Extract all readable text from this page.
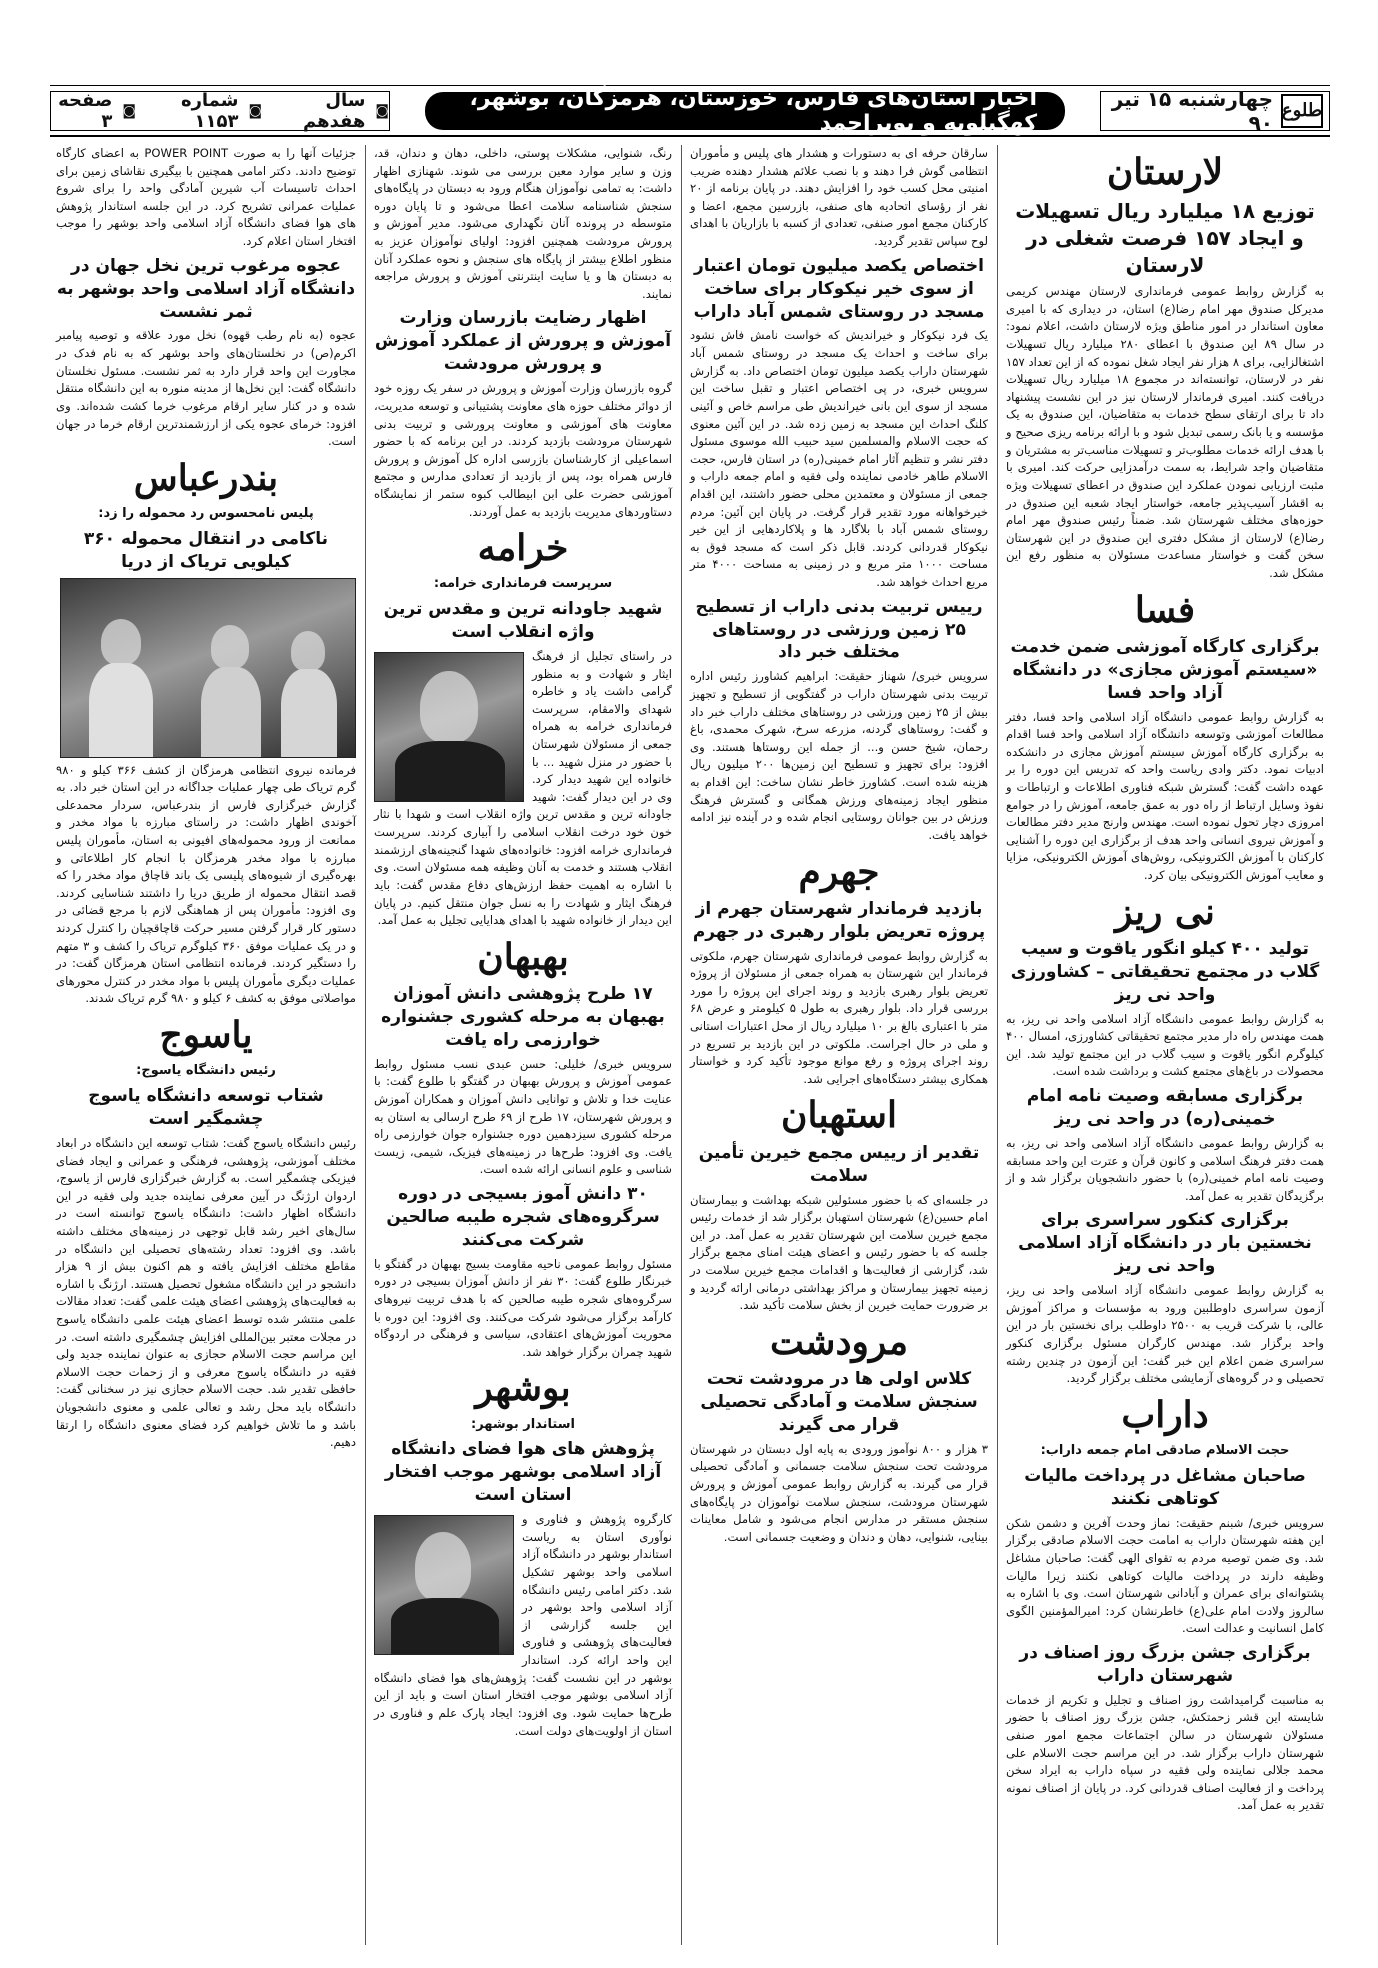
طلوع
چهارشنبه ۱۵ تیر ۹۰
اخبار استان‌های فارس، خوزستان، هرمزگان، بوشهر، کهگیلویه و بویراحمد
◙
سال هفدهم
◙
شماره ۱۱۵۳
◙
صفحه ۳
لارستان
توزیع ۱۸ میلیارد ریال تسهیلات و ایجاد ۱۵۷ فرصت شغلی در لارستان

به گزارش روابط عمومی فرمانداری لارستان مهندس کریمی مدیرکل صندوق مهر امام رضا(ع) استان، در دیداری که با امیری معاون استاندار در امور مناطق ویژه لارستان داشت، اعلام نمود: در سال ۸۹ این صندوق با اعطای ۲۸۰ میلیارد ریال تسهیلات اشتغالزایی، برای ۸ هزار نفر ایجاد شغل نموده که از این تعداد ۱۵۷ نفر در لارستان، توانسته‌اند در مجموع ۱۸ میلیارد ریال تسهیلات دریافت کنند. امیری فرماندار لارستان نیز در این نشست پیشنهاد داد تا برای ارتقای سطح خدمات به متقاضیان، این صندوق به یک مؤسسه و یا بانک رسمی تبدیل شود و با ارائه برنامه ریزی صحیح و با هدف ارائه خدمات مطلوب‌تر و تسهیلات مناسب‌تر به مشتریان و متقاضیان واجد شرایط، به سمت درآمدزایی حرکت کند. امیری با مثبت ارزیابی نمودن عملکرد این صندوق در اعطای تسهیلات ویژه به اقشار آسیب‌پذیر جامعه، خواستار ایجاد شعبه این صندوق در حوزه‌های مختلف شهرستان شد. ضمناً رئیس صندوق مهر امام رضا(ع) لارستان از مشکل دفتری این صندوق در این شهرستان سخن گفت و خواستار مساعدت مسئولان به منظور رفع این مشکل شد.

فسا
برگزاری کارگاه آموزشی ضمن خدمت «سیستم آموزش مجازی» در دانشگاه آزاد واحد فسا

به گزارش روابط عمومی دانشگاه آزاد اسلامی واحد فسا، دفتر مطالعات آموزشی وتوسعه دانشگاه آزاد اسلامی واحد فسا اقدام به برگزاری کارگاه آموزش سیستم آموزش مجازی در دانشکده ادبیات نمود. دکتر وادی ریاست واحد که تدریس این دوره را بر عهده داشت گفت: گسترش شبکه فناوری اطلاعات و ارتباطات و نفوذ وسایل ارتباط از راه دور به عمق جامعه، آموزش را در جوامع امروزی دچار تحول نموده است. مهندس وارنج مدیر دفتر مطالعات و آموزش نیروی انسانی واحد هدف از برگزاری این دوره را آشنایی کارکنان با آموزش الکترونیکی، روش‌های آموزش الکترونیکی، مزایا و معایب آموزش الکترونیکی بیان کرد.

نی ریز
تولید ۴۰۰ کیلو انگور یاقوت و سیب گلاب در مجتمع تحقیقاتی – کشاورزی واحد نی ریز

به گزارش روابط عمومی دانشگاه آزاد اسلامی واحد نی ریز، به همت مهندس راه دار مدیر مجتمع تحقیقاتی کشاورزی، امسال ۴۰۰ کیلوگرم انگور یاقوت و سیب گلاب در این مجتمع تولید شد. این محصولات در باغ‌های مجتمع کشت و برداشت شده است.

برگزاری مسابقه وصیت نامه امام خمینی(ره) در واحد نی ریز

به گزارش روابط عمومی دانشگاه آزاد اسلامی واحد نی ریز، به همت دفتر فرهنگ اسلامی و کانون قرآن و عترت این واحد مسابقه وصیت نامه امام خمینی(ره) با حضور دانشجویان برگزار شد و از برگزیدگان تقدیر به عمل آمد.

برگزاری کنکور سراسری برای نخستین بار در دانشگاه آزاد اسلامی واحد نی ریز

به گزارش روابط عمومی دانشگاه آزاد اسلامی واحد نی ریز، آزمون سراسری داوطلبین ورود به مؤسسات و مراکز آموزش عالی، با شرکت قریب به ۲۵۰۰ داوطلب برای نخستین بار در این واحد برگزار شد. مهندس کارگران مسئول برگزاری کنکور سراسری ضمن اعلام این خبر گفت: این آزمون در چندین رشته تحصیلی و در گروه‌های آزمایشی مختلف برگزار گردید.

داراب
حجت الاسلام صادقی امام جمعه داراب:
صاحبان مشاغل در پرداخت مالیات کوتاهی نکنند

سرویس خبری/ شبنم حقیقت: نماز وحدت آفرین و دشمن شکن این هفته شهرستان داراب به امامت حجت الاسلام صادقی برگزار شد. وی ضمن توصیه مردم به تقوای الهی گفت: صاحبان مشاغل وظیفه دارند در پرداخت مالیات کوتاهی نکنند زیرا مالیات پشتوانه‌ای برای عمران و آبادانی شهرستان است. وی با اشاره به سالروز ولادت امام علی(ع) خاطرنشان کرد: امیرالمؤمنین الگوی کامل انسانیت و عدالت است.

برگزاری جشن بزرگ روز اصناف در شهرستان داراب

به مناسبت گرامیداشت روز اصناف و تجلیل و تکریم از خدمات شایسته این قشر زحمتکش، جشن بزرگ روز اصناف با حضور مسئولان شهرستان در سالن اجتماعات مجمع امور صنفی شهرستان داراب برگزار شد. در این مراسم حجت الاسلام علی محمد جلالی نماینده ولی فقیه در سپاه داراب به ایراد سخن پرداخت و از فعالیت اصناف قدردانی کرد. در پایان از اصناف نمونه تقدیر به عمل آمد.

سارقان حرفه ای به دستورات و هشدار های پلیس و مأموران انتظامی گوش فرا دهند و با نصب علائم هشدار دهنده ضریب امنیتی محل کسب خود را افزایش دهند. در پایان برنامه از ۲۰ نفر از رؤسای اتحادیه های صنفی، بازرسین مجمع، اعضا و کارکنان مجمع امور صنفی، تعدادی از کسبه با بازاریان با اهدای لوح سپاس تقدیر گردید.

اختصاص یکصد میلیون تومان اعتبار از سوی خیر نیکوکار برای ساخت مسجد در روستای شمس آباد داراب

یک فرد نیکوکار و خیراندیش که خواست نامش فاش نشود برای ساخت و احداث یک مسجد در روستای شمس آباد شهرستان داراب یکصد میلیون تومان اختصاص داد. به گزارش سرویس خبری، در پی اختصاص اعتبار و تقبل ساخت این مسجد از سوی این بانی خیراندیش طی مراسم خاص و آئینی کلنگ احداث این مسجد به زمین زده شد. در این آئین معنوی که حجت الاسلام والمسلمین سید حبیب الله موسوی مسئول دفتر نشر و تنظیم آثار امام خمینی(ره) در استان فارس، حجت الاسلام طاهر خادمی نماینده ولی فقیه و امام جمعه داراب و جمعی از مسئولان و معتمدین محلی حضور داشتند، این اقدام خیرخواهانه مورد تقدیر قرار گرفت. در پایان این آئین: مردم روستای شمس آباد با بلاگارد ها و پلاکاردهایی از این خیر نیکوکار قدردانی کردند. قابل ذکر است که مسجد فوق به مساحت ۱۰۰۰ متر مربع و در زمینی به مساحت ۴۰۰۰ متر مربع احداث خواهد شد.

رییس تربیت بدنی داراب از تسطیح ۲۵ زمین ورزشی در روستاهای مختلف خبر داد

سرویس خبری/ شهناز حقیقت: ابراهیم کشاورز رئیس اداره تربیت بدنی شهرستان داراب در گفتگویی از تسطیح و تجهیز بیش از ۲۵ زمین ورزشی در روستاهای مختلف داراب خبر داد و گفت: روستاهای گردنه، مزرعه سرخ، شهرک محمدی، باغ رحمان، شیخ حسن و... از جمله این روستاها هستند. وی افزود: برای تجهیز و تسطیح این زمین‌ها ۲۰۰ میلیون ریال هزینه شده است. کشاورز خاطر نشان ساخت: این اقدام به منظور ایجاد زمینه‌های ورزش همگانی و گسترش فرهنگ ورزش در بین جوانان روستایی انجام شده و در آینده نیز ادامه خواهد یافت.

جهرم
بازدید فرماندار شهرستان جهرم از پروژه تعریض بلوار رهبری در جهرم

به گزارش روابط عمومی فرمانداری شهرستان جهرم، ملکوتی فرماندار این شهرستان به همراه جمعی از مسئولان از پروژه تعریض بلوار رهبری بازدید و روند اجرای این پروژه را مورد بررسی قرار داد. بلوار رهبری به طول ۵ کیلومتر و عرض ۶۸ متر با اعتباری بالغ بر ۱۰ میلیارد ریال از محل اعتبارات استانی و ملی در حال اجراست. ملکوتی در این بازدید بر تسریع در روند اجرای پروژه و رفع موانع موجود تأکید کرد و خواستار همکاری بیشتر دستگاه‌های اجرایی شد.

استهبان
تقدیر از رییس مجمع خیرین تأمین سلامت

در جلسه‌ای که با حضور مسئولین شبکه بهداشت و بیمارستان امام حسین(ع) شهرستان استهبان برگزار شد از خدمات رئیس مجمع خیرین سلامت این شهرستان تقدیر به عمل آمد. در این جلسه که با حضور رئیس و اعضای هیئت امنای مجمع برگزار شد، گزارشی از فعالیت‌ها و اقدامات مجمع خیرین سلامت در زمینه تجهیز بیمارستان و مراکز بهداشتی درمانی ارائه گردید و بر ضرورت حمایت خیرین از بخش سلامت تأکید شد.

مرودشت
کلاس اولی ها در مرودشت تحت سنجش سلامت و آمادگی تحصیلی قرار می گیرند

۳ هزار و ۸۰۰ نوآموز ورودی به پایه اول دبستان در شهرستان مرودشت تحت سنجش سلامت جسمانی و آمادگی تحصیلی قرار می گیرند. به گزارش روابط عمومی آموزش و پرورش شهرستان مرودشت، سنجش سلامت نوآموزان در پایگاه‌های سنجش مستقر در مدارس انجام می‌شود و شامل معاینات بینایی، شنوایی، دهان و دندان و وضعیت جسمانی است.

رنگ، شنوایی، مشکلات پوستی، داخلی، دهان و دندان، قد، وزن و سایر موارد معین بررسی می شوند. شهنازی اظهار داشت: به تمامی نوآموزان هنگام ورود به دبستان در پایگاه‌های سنجش شناسنامه سلامت اعطا می‌شود و تا پایان دوره متوسطه در پرونده آنان نگهداری می‌شود. مدیر آموزش و پرورش مرودشت همچنین افزود: اولیای نوآموزان عزیز به منظور اطلاع بیشتر از پایگاه های سنجش و نحوه عملکرد آنان به دبستان ها و یا سایت اینترنتی آموزش و پرورش مراجعه نمایند.

اظهار رضایت بازرسان وزارت آموزش و پرورش از عملکرد آموزش و پرورش مرودشت

گروه بازرسان وزارت آموزش و پرورش در سفر یک روزه خود از دوائر مختلف حوزه های معاونت پشتیبانی و توسعه مدیریت، معاونت های آموزشی و معاونت پرورشی و تربیت بدنی شهرستان مرودشت بازدید کردند. در این برنامه که با حضور اسماعیلی از کارشناسان بازرسی اداره کل آموزش و پرورش فارس همراه بود، پس از بازدید از تعدادی مدارس و مجتمع آموزشی حضرت علی ابن ابیطالب کبوه ستمر از نمایشگاه دستاوردهای مدیریت بازدید به عمل آوردند.

خرامه
سرپرست فرمانداری خرامه:
شهید جاودانه ترین و مقدس ترین واژه انقلاب است

در راستای تجلیل از فرهنگ ایثار و شهادت و به منظور گرامی داشت یاد و خاطره شهدای والامقام، سرپرست فرمانداری خرامه به همراه جمعی از مسئولان شهرستان با حضور در منزل شهید ... با خانواده این شهید دیدار کرد. وی در این دیدار گفت: شهید جاودانه ترین و مقدس ترین واژه انقلاب است و شهدا با نثار خون خود درخت انقلاب اسلامی را آبیاری کردند. سرپرست فرمانداری خرامه افزود: خانواده‌های شهدا گنجینه‌های ارزشمند انقلاب هستند و خدمت به آنان وظیفه همه مسئولان است. وی با اشاره به اهمیت حفظ ارزش‌های دفاع مقدس گفت: باید فرهنگ ایثار و شهادت را به نسل جوان منتقل کنیم. در پایان این دیدار از خانواده شهید با اهدای هدایایی تجلیل به عمل آمد.

بهبهان
۱۷ طرح پژوهشی دانش آموزان بهبهان به مرحله کشوری جشنواره خوارزمی راه یافت

سرویس خبری/ خلیلی: حسن عبدی نسب مسئول روابط عمومی آموزش و پرورش بهبهان در گفتگو با طلوع گفت: با عنایت خدا و تلاش و توانایی دانش آموزان و همکاران آموزش و پرورش شهرستان، ۱۷ طرح از ۶۹ طرح ارسالی به استان به مرحله کشوری سیزدهمین دوره جشنواره جوان خوارزمی راه یافت. وی افزود: طرح‌ها در زمینه‌های فیزیک، شیمی، زیست شناسی و علوم انسانی ارائه شده است.

۳۰ دانش آموز بسیجی در دوره سرگروه‌های شجره طیبه صالحین شرکت می‌کنند

مسئول روابط عمومی ناحیه مقاومت بسیج بهبهان در گفتگو با خبرنگار طلوع گفت: ۳۰ نفر از دانش آموزان بسیجی در دوره سرگروه‌های شجره طیبه صالحین که با هدف تربیت نیروهای کارآمد برگزار می‌شود شرکت می‌کنند. وی افزود: این دوره با محوریت آموزش‌های اعتقادی، سیاسی و فرهنگی در اردوگاه شهید چمران برگزار خواهد شد.

بوشهر
استاندار بوشهر:
پژوهش های هوا فضای دانشگاه آزاد اسلامی بوشهر موجب افتخار استان است

کارگروه پژوهش و فناوری و نوآوری استان به ریاست استاندار بوشهر در دانشگاه آزاد اسلامی واحد بوشهر تشکیل شد. دکتر امامی رئیس دانشگاه آزاد اسلامی واحد بوشهر در این جلسه گزارشی از فعالیت‌های پژوهشی و فناوری این واحد ارائه کرد. استاندار بوشهر در این نشست گفت: پژوهش‌های هوا فضای دانشگاه آزاد اسلامی بوشهر موجب افتخار استان است و باید از این طرح‌ها حمایت شود. وی افزود: ایجاد پارک علم و فناوری در استان از اولویت‌های دولت است.

جزئیات آنها را به صورت POWER POINT به اعضای کارگاه توضیح دادند. دکتر امامی همچنین با بیگیری نقاشای زمین برای احداث تاسیسات آب شیرین آمادگی واحد را برای شروع عملیات عمرانی تشریح کرد. در این جلسه استاندار پژوهش های هوا فضای دانشگاه آزاد اسلامی واحد بوشهر را موجب افتخار استان اعلام کرد.

عجوه مرغوب ترین نخل جهان در دانشگاه آزاد اسلامی واحد بوشهر به ثمر نشست

عجوه (به نام رطب قهوه) نخل مورد علاقه و توصیه پیامبر اکرم(ص) در نخلستان‌های واحد بوشهر که به نام فدک در مجاورت این واحد قرار دارد به ثمر نشست. مسئول نخلستان دانشگاه گفت: این نخل‌ها از مدینه منوره به این دانشگاه منتقل شده و در کنار سایر ارقام مرغوب خرما کشت شده‌اند. وی افزود: خرمای عجوه یکی از ارزشمندترین ارقام خرما در جهان است.

بندرعباس
پلیس نامحسوس رد محموله را زد:
ناکامی در انتقال محموله ۳۶۰ کیلویی تریاک از دریا

فرمانده نیروی انتظامی هرمزگان از کشف ۳۶۶ کیلو و ۹۸۰ گرم تریاک طی چهار عملیات جداگانه در این استان خبر داد. به گزارش خبرگزاری فارس از بندرعباس، سردار محمدعلی آخوندی اظهار داشت: در راستای مبارزه با مواد مخدر و ممانعت از ورود محموله‌های افیونی به استان، مأموران پلیس مبارزه با مواد مخدر هرمزگان با انجام کار اطلاعاتی و بهره‌گیری از شیوه‌های پلیسی یک باند قاچاق مواد مخدر را که قصد انتقال محموله از طریق دریا را داشتند شناسایی کردند. وی افزود: مأموران پس از هماهنگی لازم با مرجع قضائی در دستور کار قرار گرفتن مسیر حرکت قاچاقچیان را کنترل کردند و در یک عملیات موفق ۳۶۰ کیلوگرم تریاک را کشف و ۳ متهم را دستگیر کردند. فرمانده انتظامی استان هرمزگان گفت: در عملیات دیگری مأموران پلیس با مواد مخدر در کنترل محورهای مواصلاتی موفق به کشف ۶ کیلو و ۹۸۰ گرم تریاک شدند.

یاسوج
رئیس دانشگاه یاسوج:
شتاب توسعه دانشگاه یاسوج چشمگیر است

رئیس دانشگاه یاسوج گفت: شتاب توسعه این دانشگاه در ابعاد مختلف آموزشی، پژوهشی، فرهنگی و عمرانی و ایجاد فضای فیزیکی چشمگیر است. به گزارش خبرگزاری فارس از یاسوج، اردوان ارژنگ در آیین معرفی نماینده جدید ولی فقیه در این دانشگاه اظهار داشت: دانشگاه یاسوج توانسته است در سال‌های اخیر رشد قابل توجهی در زمینه‌های مختلف داشته باشد. وی افزود: تعداد رشته‌های تحصیلی این دانشگاه در مقاطع مختلف افزایش یافته و هم اکنون بیش از ۹ هزار دانشجو در این دانشگاه مشغول تحصیل هستند. ارژنگ با اشاره به فعالیت‌های پژوهشی اعضای هیئت علمی گفت: تعداد مقالات علمی منتشر شده توسط اعضای هیئت علمی دانشگاه یاسوج در مجلات معتبر بین‌المللی افزایش چشمگیری داشته است. در این مراسم حجت الاسلام حجازی به عنوان نماینده جدید ولی فقیه در دانشگاه یاسوج معرفی و از زحمات حجت الاسلام حافظی تقدیر شد. حجت الاسلام حجازی نیز در سخنانی گفت: دانشگاه باید محل رشد و تعالی علمی و معنوی دانشجویان باشد و ما تلاش خواهیم کرد فضای معنوی دانشگاه را ارتقا دهیم.
